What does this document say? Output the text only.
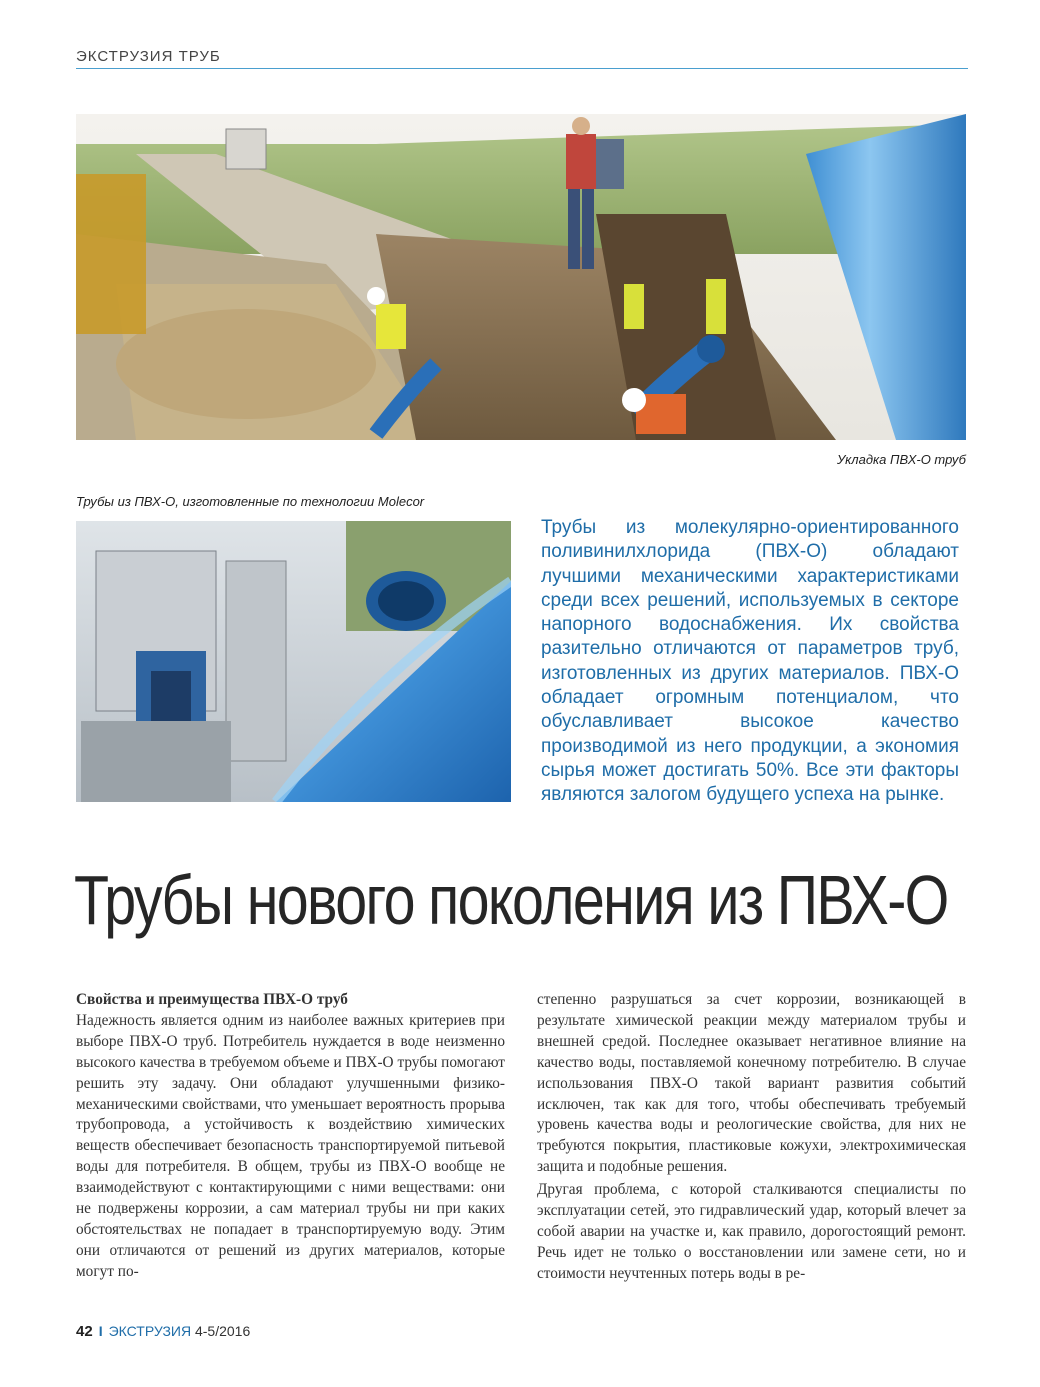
ЭКСТРУЗИЯ ТРУБ
Укладка ПВХ-О труб
Трубы из ПВХ-О, изготовленные по технологии Molecor

Трубы из молекулярно-ориентированного поливинилхлорида (ПВХ-О) обладают лучшими механическими характеристиками среди всех решений, используемых в секторе напорного водоснабжения. Их свойства разительно отличаются от параметров труб, изготовленных из других материалов. ПВХ-О обладает огромным потенциалом, что обуславливает высокое качество производимой из него продукции, а экономия сырья может достигать 50%. Все эти факторы являются залогом будущего успеха на рынке.

Трубы нового поколения из ПВХ-О
Свойства и преимущества ПВХ-О труб

Надежность является одним из наиболее важных критериев при выборе ПВХ-О труб. Потребитель нуждается в воде неизменно высокого качества в требуемом объеме и ПВХ-О трубы помогают решить эту задачу. Они обладают улучшенными физико-механическими свойствами, что уменьшает вероятность прорыва трубопровода, а устойчивость к воздействию химических веществ обеспечивает безопасность транспортируемой питьевой воды для потребителя. В общем, трубы из ПВХ-О вообще не взаимодействуют с контактирующими с ними веществами: они не подвержены коррозии, а сам материал трубы ни при каких обстоятельствах не попадает в транспортируемую воду. Этим они отличаются от решений из других материалов, которые могут по-

степенно разрушаться за счет коррозии, возникающей в результате химической реакции между материалом трубы и внешней средой. Последнее оказывает негативное влияние на качество воды, поставляемой конечному потребителю. В случае использования ПВХ-О такой вариант развития событий исключен, так как для того, чтобы обеспечивать требуемый уровень качества воды и реологические свойства, для них не требуются покрытия, пластиковые кожухи, электрохимическая защита и подобные решения.

Другая проблема, с которой сталкиваются специалисты по эксплуатации сетей, это гидравлический удар, который влечет за собой аварии на участке и, как правило, дорогостоящий ремонт. Речь идет не только о восстановлении или замене сети, но и стоимости неучтенных потерь воды в ре-

42 I ЭКСТРУЗИЯ 4-5/2016
